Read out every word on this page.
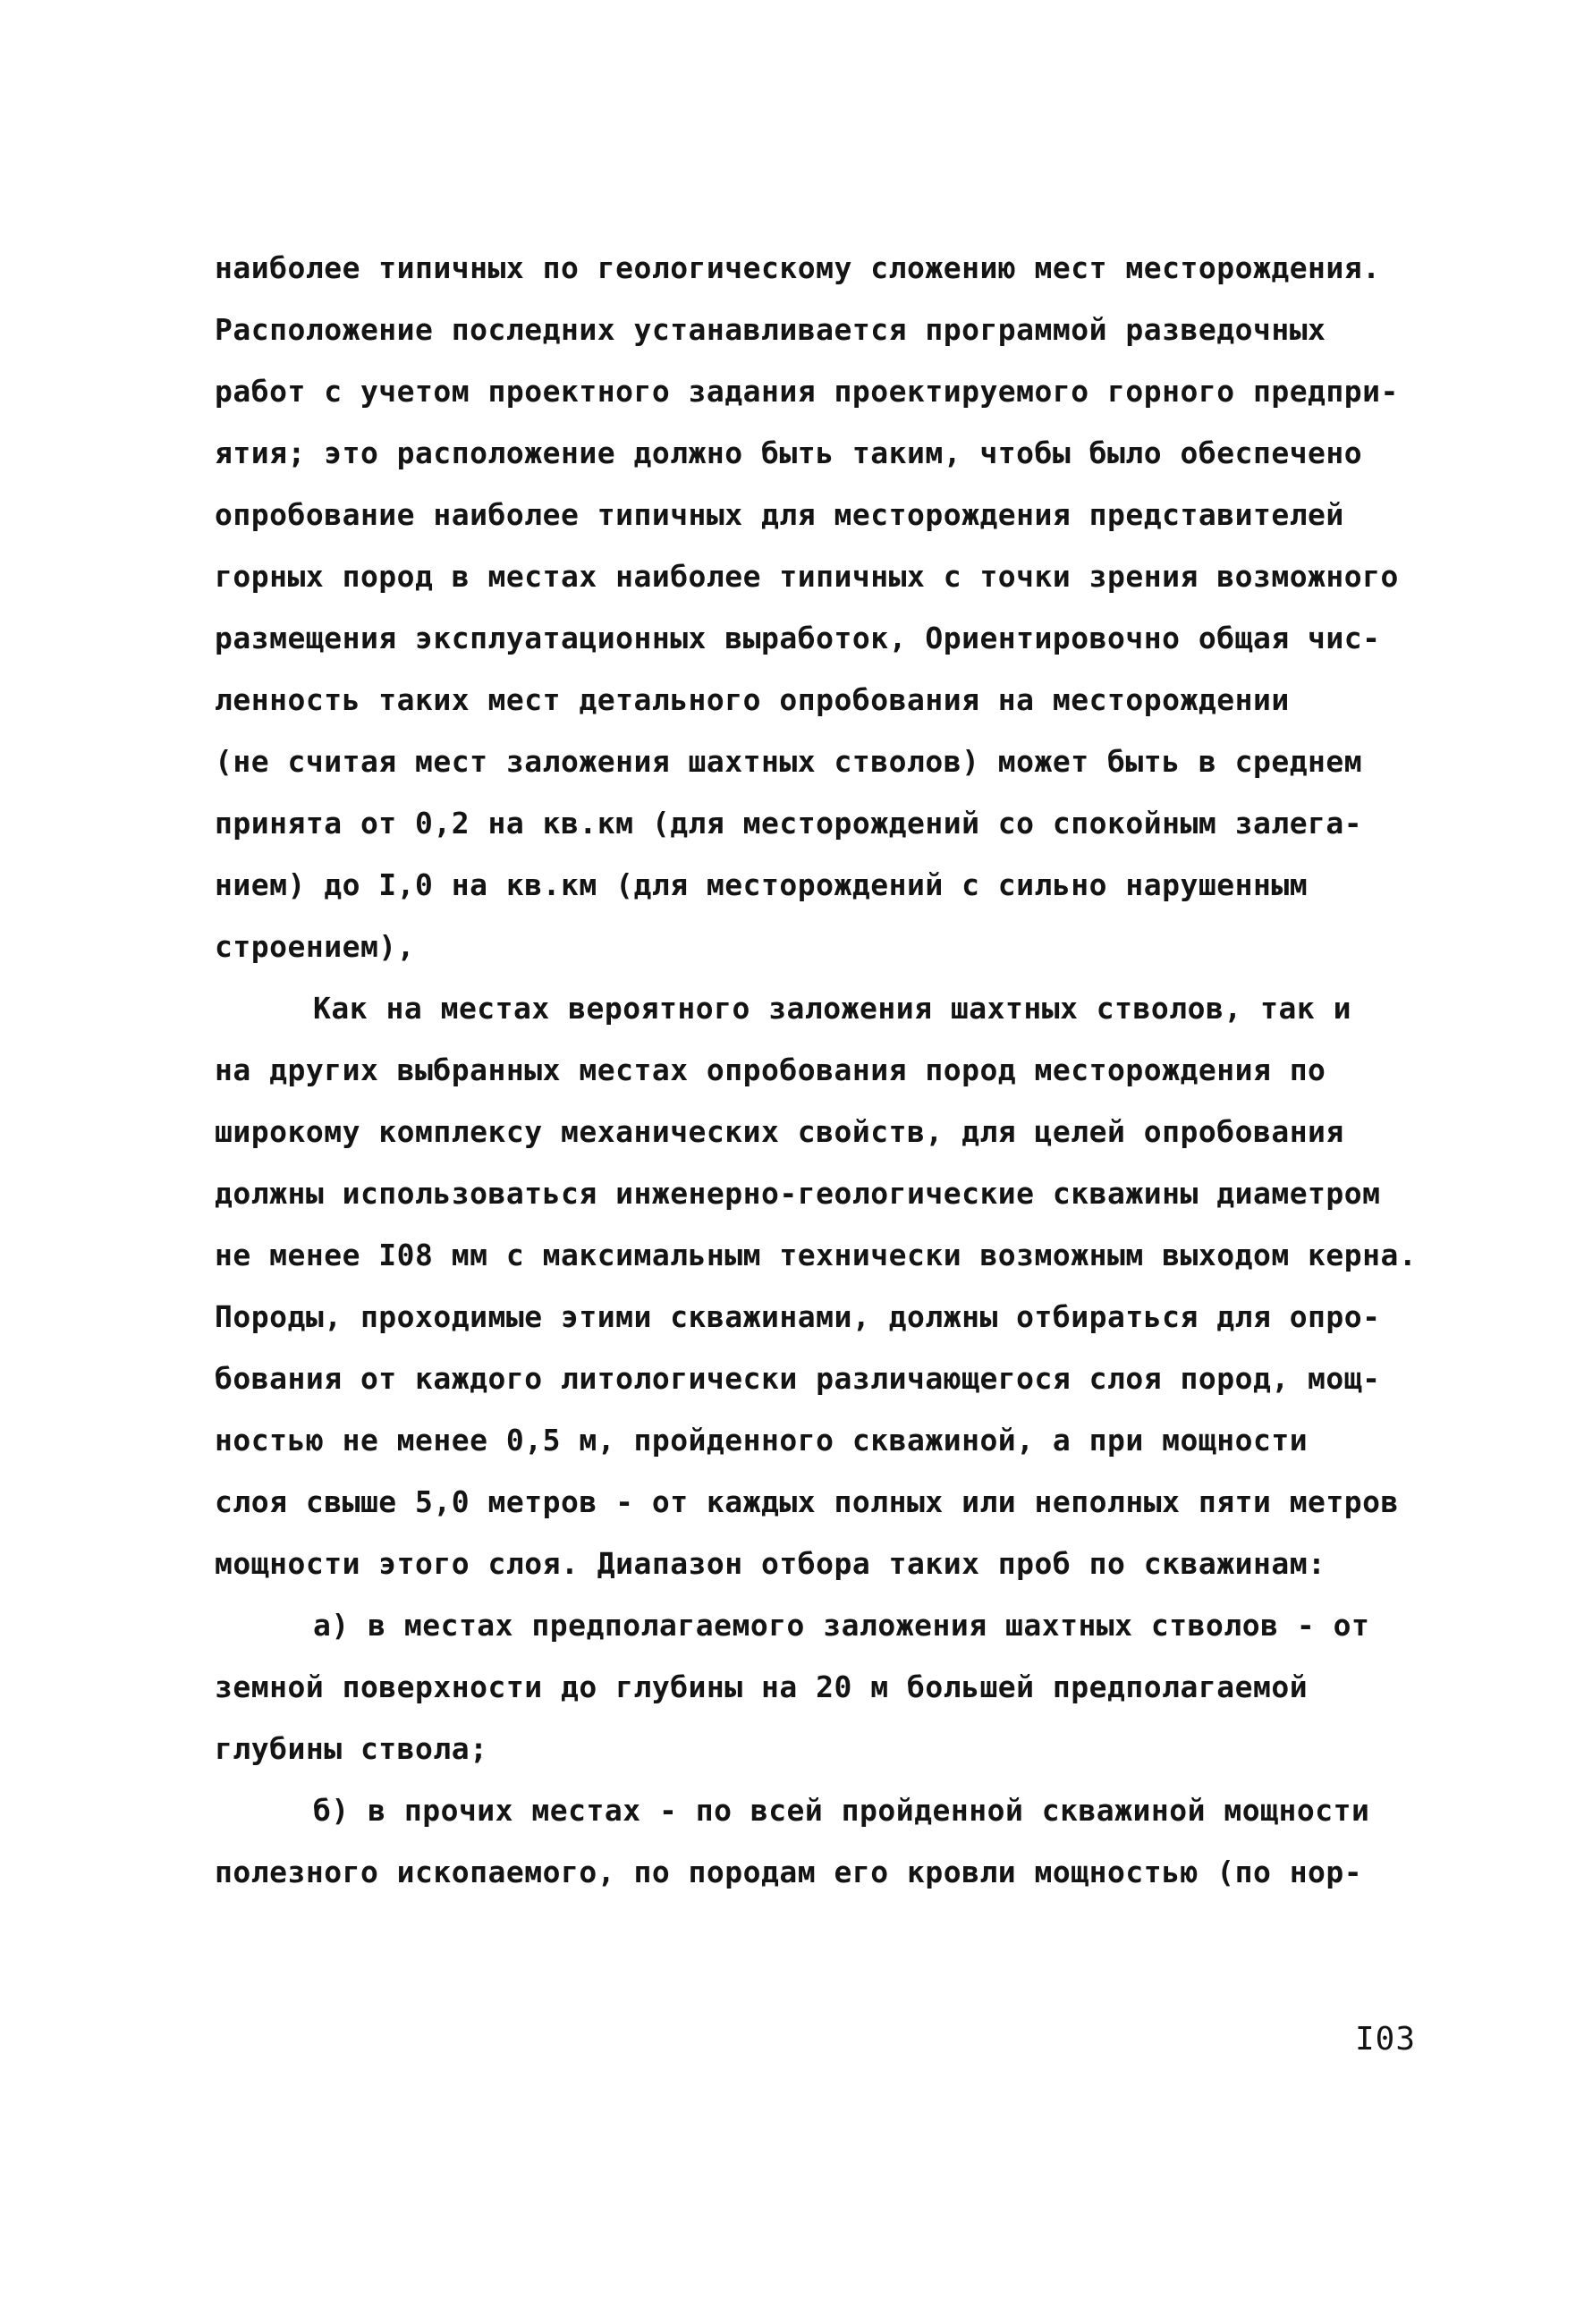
наиболее типичных по геологическому сложению мест месторождения.
Расположение последних устанавливается программой разведочных
работ с учетом проектного задания проектируемого горного предпри-
ятия; это расположение должно быть таким, чтобы было обеспечено
опробование наиболее типичных для месторождения представителей
горных пород в местах наиболее типичных с точки зрения возможного
размещения эксплуатационных выработок, Ориентировочно общая чис-
ленность таких мест детального опробования на месторождении
(не считая мест заложения шахтных стволов) может быть в среднем
принята от 0,2 на кв.км (для месторождений со спокойным залега-
нием) до I,0 на кв.км (для месторождений с сильно нарушенным
строением),
Как на местах вероятного заложения шахтных стволов, так и
на других выбранных местах опробования пород месторождения по
широкому комплексу механических свойств, для целей опробования
должны использоваться инженерно-геологические скважины диаметром
не менее I08 мм с максимальным технически возможным выходом керна.
Породы, проходимые этими скважинами, должны отбираться для опро-
бования от каждого литологически различающегося слоя пород, мощ-
ностью не менее 0,5 м, пройденного скважиной, а при мощности
слоя свыше 5,0 метров - от каждых полных или неполных пяти метров
мощности этого слоя. Диапазон отбора таких проб по скважинам:
а) в местах предполагаемого заложения шахтных стволов - от
земной поверхности до глубины на 20 м большей предполагаемой
глубины ствола;
б) в прочих местах - по всей пройденной скважиной мощности
полезного ископаемого, по породам его кровли мощностью (по нор-
I03
